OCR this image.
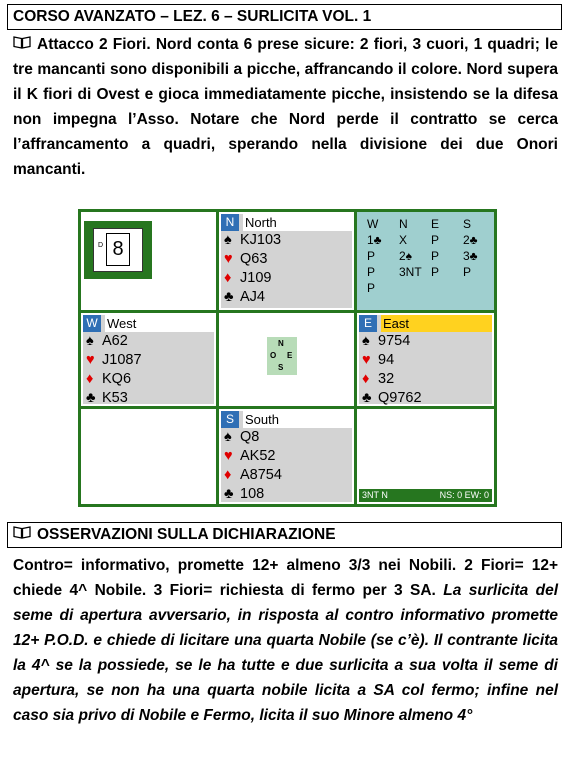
CORSO AVANZATO – LEZ. 6 – SURLICITA VOL. 1
Attacco 2 Fiori. Nord conta 6 prese sicure: 2 fiori, 3 cuori, 1 quadri; le tre mancanti sono disponibili a picche, affrancando il colore. Nord supera il K fiori di Ovest e gioca immediatamente picche, insistendo se la difesa non impegna l’Asso. Notare che Nord perde il contratto se cerca l’affrancamento a quadri, sperando nella divisione dei due Onori mancanti.
D 8
N North
♠ KJ103
♥ Q63
♦ J109
♣ AJ4
W	N	E	S
1♣	X	P	2♣
P	2♠	P	3♣
P	3NT	P	P
P			
W West
♠ A62
♥ J1087
♦ KQ6
♣ K53
N
O E
S
E East
♠ 9754
♥ 94
♦ 32
♣ Q9762
S South
♠ Q8
♥ AK52
♦ A8754
♣ 108	3NT N	NS: 0 EW: 0
OSSERVAZIONI SULLA DICHIARAZIONE
Contro= informativo, promette 12+ almeno 3/3 nei Nobili. 2 Fiori= 12+ chiede 4^ Nobile. 3 Fiori= richiesta di fermo per 3 SA. La surlicita del seme di apertura avversario, in risposta al contro informativo promette 12+ P.O.D. e chiede di licitare una quarta Nobile (se c’è). Il contrante licita la 4^ se la possiede, se le ha tutte e due surlicita a sua volta il seme di apertura, se non ha una quarta nobile licita a SA col fermo; infine nel caso sia privo di Nobile e Fermo, licita il suo Minore almeno 4°
